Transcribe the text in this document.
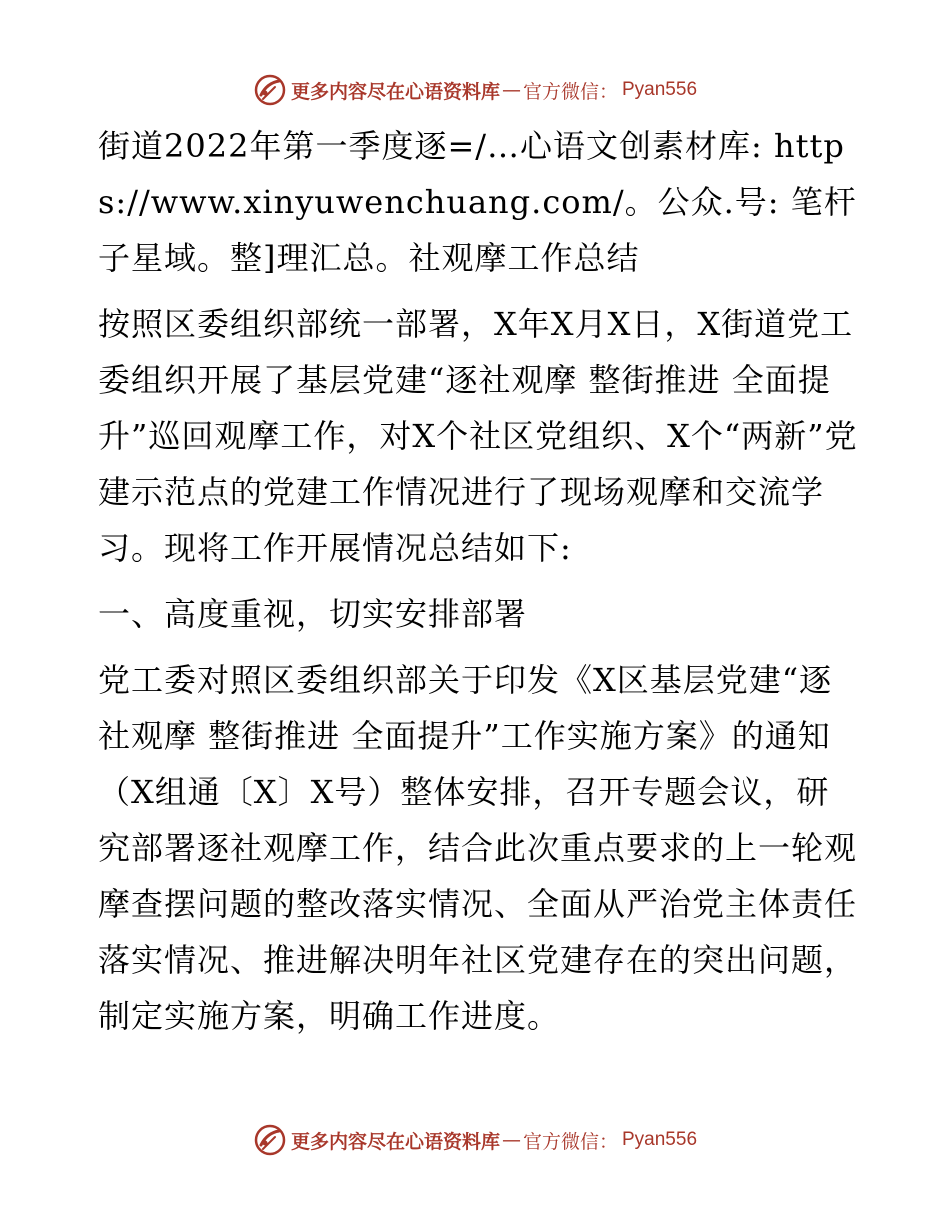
更多内容尽在心语资料库 — 官方微信： Pyan556

街道2022年第一季度逐=/…心语文创素材库: https://www.xinyuwenchuang.com/。公众.号: 笔杆子星域。整]理汇总。社观摩工作总结

按照区委组织部统一部署，X年X月X日，X街道党工委组织开展了基层党建“逐社观摩 整街推进 全面提升”巡回观摩工作，对X个社区党组织、X个“两新”党建示范点的党建工作情况进行了现场观摩和交流学习。现将工作开展情况总结如下:

一、高度重视，切实安排部署

党工委对照区委组织部关于印发《X区基层党建“逐社观摩 整街推进 全面提升”工作实施方案》的通知（X组通〔X〕X号）整体安排，召开专题会议，研究部署逐社观摩工作，结合此次重点要求的上一轮观摩查摆问题的整改落实情况、全面从严治党主体责任落实情况、推进解决明年社区党建存在的突出问题，制定实施方案，明确工作进度。

更多内容尽在心语资料库 — 官方微信： Pyan556
